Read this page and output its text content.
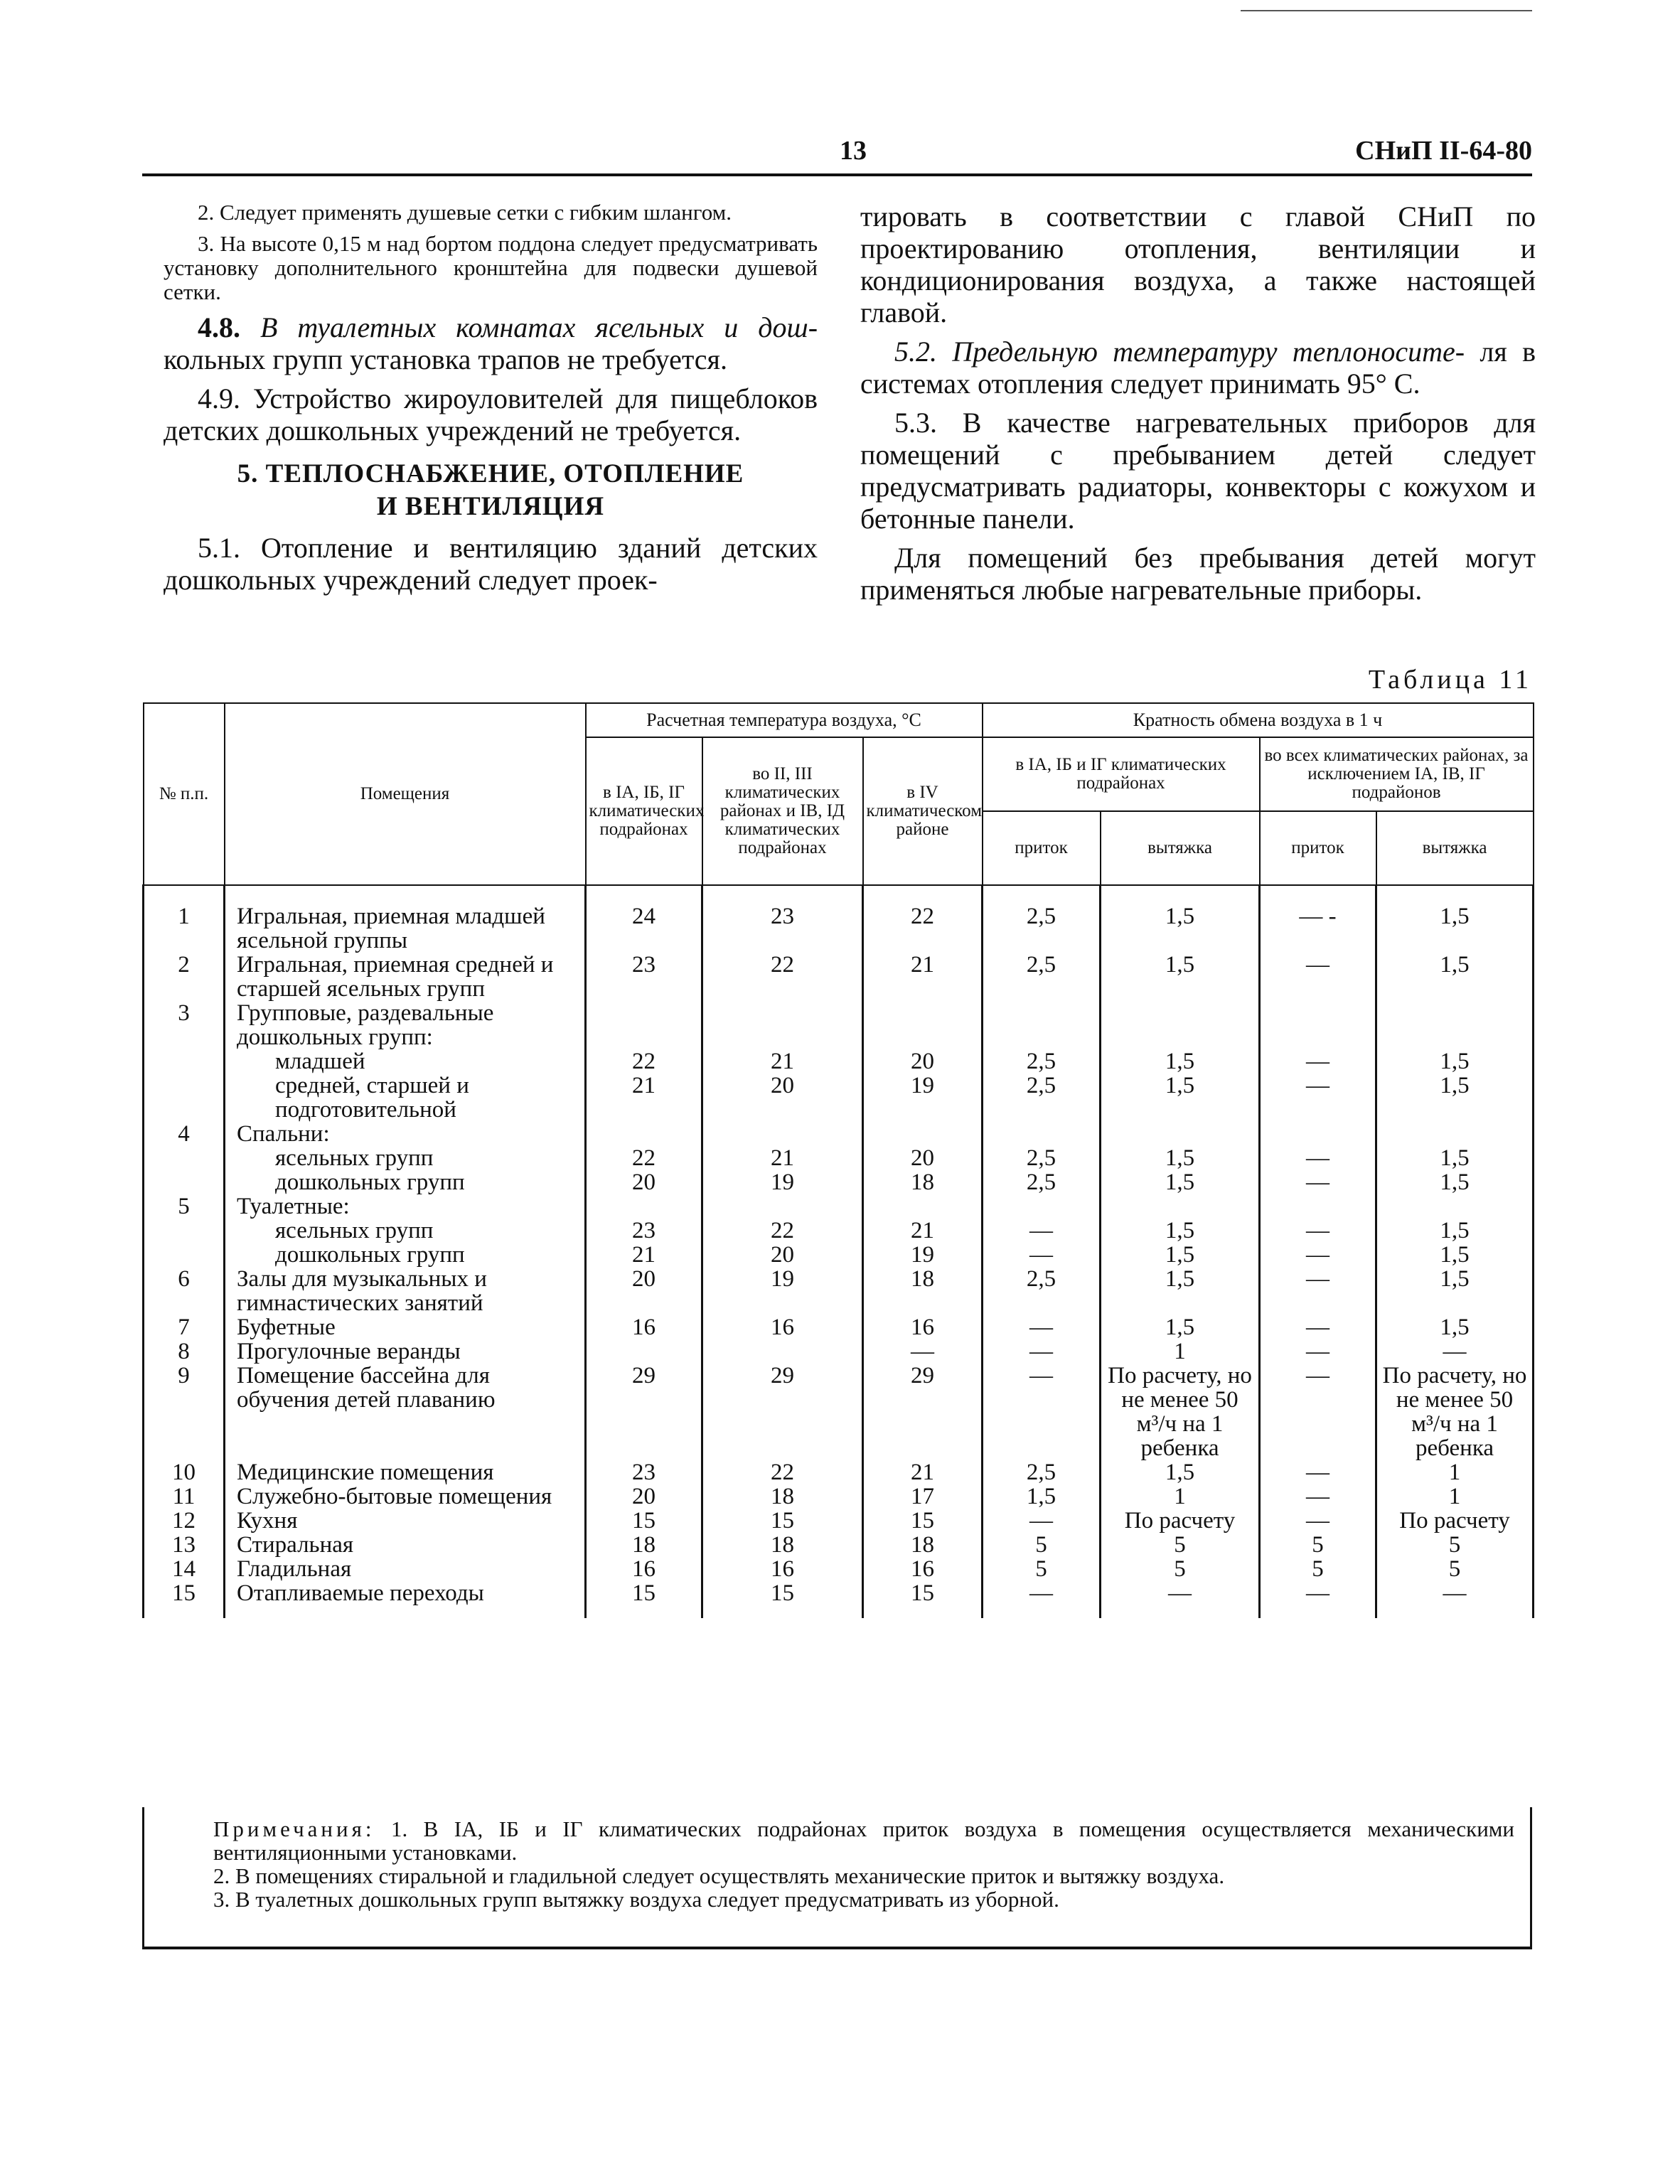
13	СНиП II-64-80

2. Следует применять душевые сетки с гибким шлангом.

3. На высоте 0,15 м над бортом поддона следует предусматривать установку дополнительного кронштейна для подвески душевой сетки.

4.8. В туалетных комнатах ясельных и дош- кольных групп установка трапов не требуется.

4.9. Устройство жироуловителей для пищеблоков детских дошкольных учреждений не требуется.

5. ТЕПЛОСНАБЖЕНИЕ, ОТОПЛЕНИЕ
И ВЕНТИЛЯЦИЯ

5.1. Отопление и вентиляцию зданий детских дошкольных учреждений следует проек-

тировать в соответствии с главой СНиП по проектированию отопления, вентиляции и кондиционирования воздуха, а также настоящей главой.

5.2. Предельную температуру теплоносите- ля в системах отопления следует принимать 95° С.

5.3. В качестве нагревательных приборов для помещений с пребыванием детей следует предусматривать радиаторы, конвекторы с кожухом и бетонные панели.

Для помещений без пребывания детей могут применяться любые нагревательные приборы.

Таблица 11
№ п.п.	Помещения	Расчетная температура воздуха, °С			Кратность обмена воздуха в 1 ч			
		в IA, IБ, IГ климатических подрайонах	во II, III климатических районах и IВ, IД климатических подрайонах	в IV климатическом районе	в IA, IБ и IГ климатических подрайонах		во всех климатических районах, за исключением IA, IB, IГ подрайонов	
					приток	вытяжка	приток	вытяжка
1	Игральная, приемная младшей ясельной группы	24	23	22	2,5	1,5	— -	1,5
2	Игральная, приемная средней и старшей ясельных групп	23	22	21	2,5	1,5	—	1,5
3	Групповые, раздевальные дошкольных групп:							
	младшей	22	21	20	2,5	1,5	—	1,5
	средней, старшей и подготовительной	21	20	19	2,5	1,5	—	1,5
4	Спальни:							
	ясельных групп	22	21	20	2,5	1,5	—	1,5
	дошкольных групп	20	19	18	2,5	1,5	—	1,5
5	Туалетные:							
	ясельных групп	23	22	21	—	1,5	—	1,5
	дошкольных групп	21	20	19	—	1,5	—	1,5
6	Залы для музыкальных и гимнастических занятий	20	19	18	2,5	1,5	—	1,5
7	Буфетные	16	16	16	—	1,5	—	1,5
8	Прогулочные веранды			—	—	1	—	—
9	Помещение бассейна для обучения детей плаванию	29	29	29	—	По расчету, но не менее 50 м³/ч на 1 ребенка	—	По расчету, но не менее 50 м³/ч на 1 ребенка
10	Медицинские помещения	23	22	21	2,5	1,5	—	1
11	Служебно-бытовые помещения	20	18	17	1,5	1	—	1
12	Кухня	15	15	15	—	По расчету	—	По расчету
13	Стиральная	18	18	18	5	5	5	5
14	Гладильная	16	16	16	5	5	5	5
15	Отапливаемые переходы	15	15	15	—	—	—	—

Примечания: 1. В IA, IБ и IГ климатических подрайонах приток воздуха в помещения осуществляется механическими вентиляционными установками.

2. В помещениях стиральной и гладильной следует осуществлять механические приток и вытяжку воздуха.

3. В туалетных дошкольных групп вытяжку воздуха следует предусматривать из уборной.
